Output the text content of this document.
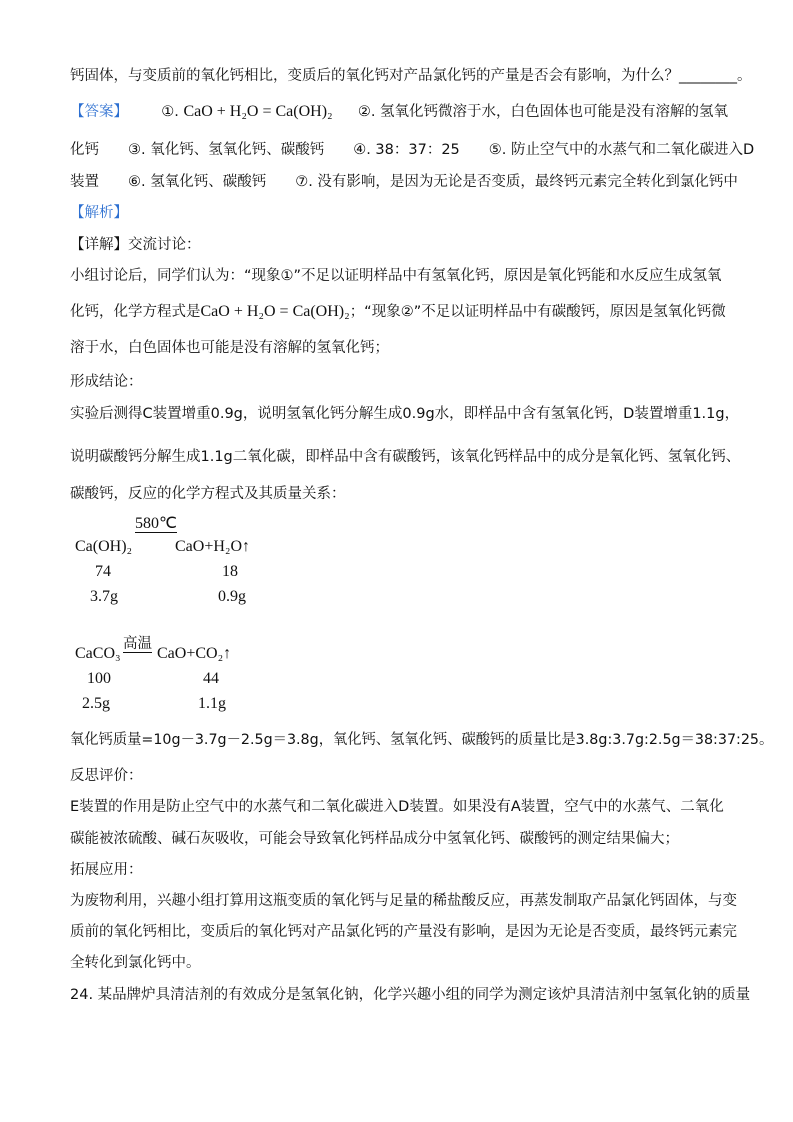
钙固体，与变质前的氧化钙相比，变质后的氧化钙对产品氯化钙的产量是否会有影响，为什么？________。
【答案】 ①. CaO + H₂O = Ca(OH)₂ ②. 氢氧化钙微溶于水，白色固体也可能是没有溶解的氢氧
化钙　　③. 氧化钙、氢氧化钙、碳酸钙　　④. 38：37：25　　⑤. 防止空气中的水蒸气和二氧化碳进入D
装置　　⑥. 氢氧化钙、碳酸钙　　⑦. 没有影响，是因为无论是否变质，最终钙元素完全转化到氯化钙中
【解析】
【详解】交流讨论：
小组讨论后，同学们认为：“现象①”不足以证明样品中有氢氧化钙，原因是氧化钙能和水反应生成氢氧
化钙，化学方程式是CaO + H₂O = Ca(OH)₂；“现象②”不足以证明样品中有碳酸钙，原因是氢氧化钙微
溶于水，白色固体也可能是没有溶解的氢氧化钙；
形成结论：
实验后测得C装置增重0.9g，说明氢氧化钙分解生成0.9g水，即样品中含有氢氧化钙，D装置增重1.1g，
说明碳酸钙分解生成1.1g二氧化碳，即样品中含有碳酸钙，该氧化钙样品中的成分是氧化钙、氢氧化钙、
碳酸钙，反应的化学方程式及其质量关系：
580℃
Ca(OH)₂	CaO+H₂O↑
74	18
3.7g	0.9g
高温
CaCO₃ CaO+CO₂↑
100	44
2.5g	1.1g
氧化钙质量=10g－3.7g－2.5g＝3.8g，氧化钙、氢氧化钙、碳酸钙的质量比是3.8g:3.7g:2.5g＝38:37:25。
反思评价：
E装置的作用是防止空气中的水蒸气和二氧化碳进入D装置。如果没有A装置，空气中的水蒸气、二氧化
碳能被浓硫酸、碱石灰吸收，可能会导致氧化钙样品成分中氢氧化钙、碳酸钙的测定结果偏大；
拓展应用：
为废物利用，兴趣小组打算用这瓶变质的氧化钙与足量的稀盐酸反应，再蒸发制取产品氯化钙固体，与变
质前的氧化钙相比，变质后的氧化钙对产品氯化钙的产量没有影响，是因为无论是否变质，最终钙元素完
全转化到氯化钙中。
24. 某品牌炉具清洁剂的有效成分是氢氧化钠，化学兴趣小组的同学为测定该炉具清洁剂中氢氧化钠的质量
